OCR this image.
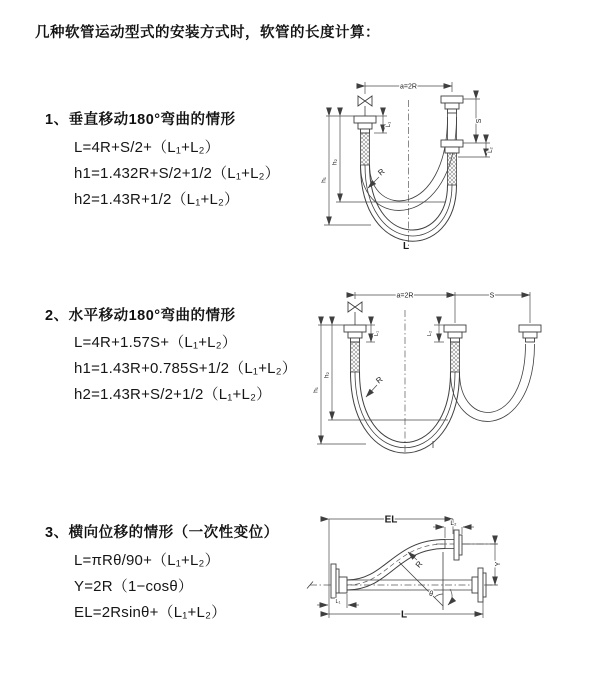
几种软管运动型式的安装方式时，软管的长度计算：
1、垂直移动180°弯曲的情形
L=4R+S/2+（L₁+L₂）
h1=1.432R+S/2+1/2（L₁+L₂）
h2=1.43R+1/2（L₁+L₂）
2、水平移动180°弯曲的情形
L=4R+1.57S+（L₁+L₂）
h1=1.43R+0.785S+1/2（L₁+L₂）
h2=1.43R+S/2+1/2（L₁+L₂）
3、横向位移的情形（一次性变位）
L=πRθ/90+（L₁+L₂）
Y=2R（1−cosθ）
EL=2Rsinθ+（L₁+L₂）
a=2R
L₁
S
L₂
h₁
h₂
R
L
a=2R	S
L₁	L₂
h₁
h₂	R
EL	L₂
Y
θ
R
L
L₁
